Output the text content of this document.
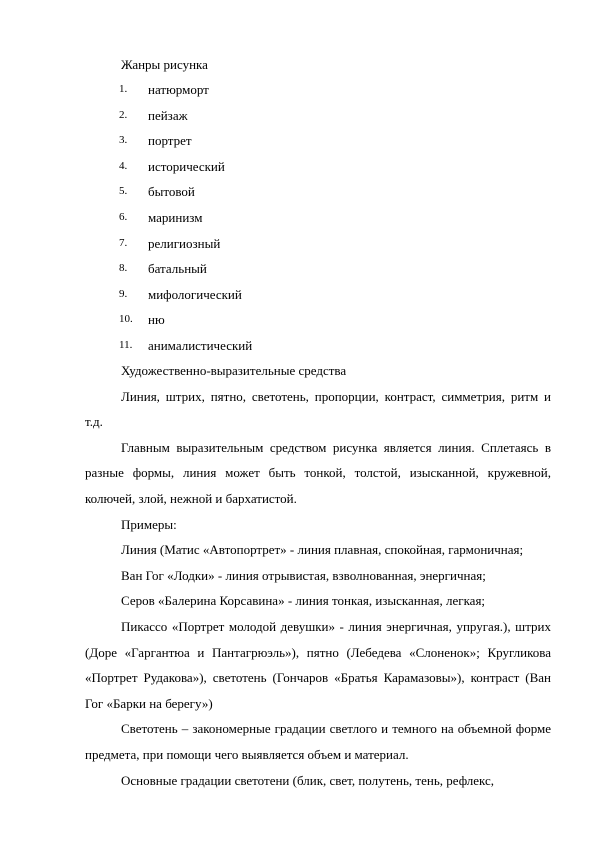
Жанры рисунка
1. натюрморт
2. пейзаж
3. портрет
4. исторический
5. бытовой
6. маринизм
7. религиозный
8. батальный
9. мифологический
10. ню
11. анималистический

Художественно-выразительные средства

Линия, штрих, пятно, светотень, пропорции, контраст, симметрия, ритм и т.д.

Главным выразительным средством рисунка является линия. Сплетаясь в разные формы, линия может быть тонкой, толстой, изысканной, кружевной, колючей, злой, нежной и бархатистой.

Примеры:

Линия (Матис «Автопортрет» - линия плавная, спокойная, гармоничная;

Ван Гог «Лодки» - линия отрывистая, взволнованная, энергичная;

Серов «Балерина Корсавина» - линия тонкая, изысканная, легкая;

Пикассо «Портрет молодой девушки» - линия энергичная, упругая.), штрих (Доре «Гаргантюа и Пантагрюэль»), пятно (Лебедева «Слоненок»; Кругликова «Портрет Рудакова»), светотень (Гончаров «Братья Карамазовы»), контраст (Ван Гог «Барки на берегу»)

Светотень – закономерные градации светлого и темного на объемной форме предмета, при помощи чего выявляется объем и материал.

Основные градации светотени (блик, свет, полутень, тень, рефлекс,
